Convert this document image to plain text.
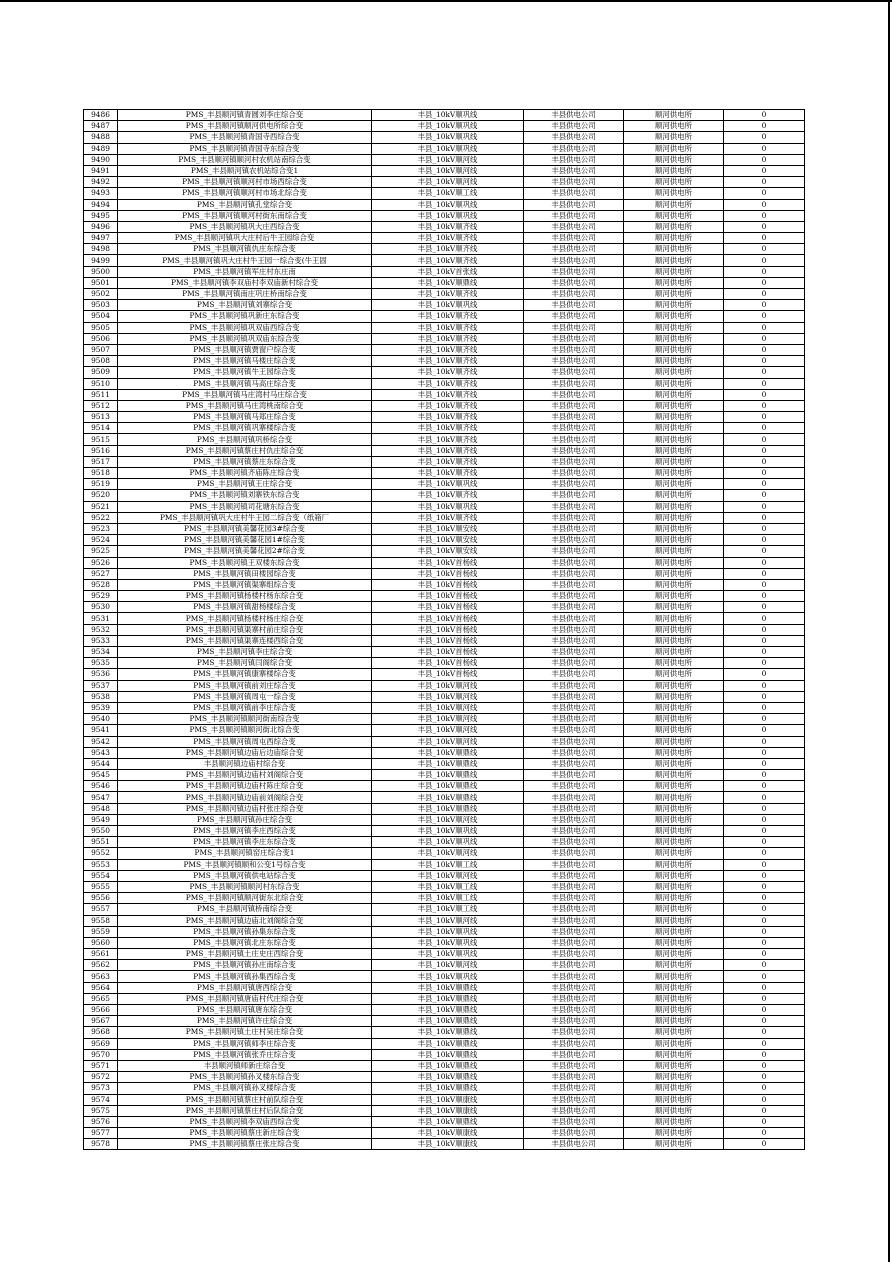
9486	PMS_丰县顺河镇青圆刘李庄综合变	丰县_10kV顺巩线	丰县供电公司	顺河供电所	0
9487	PMS_丰县顺河镇顺河供电所综合变	丰县_10kV顺巩线	丰县供电公司	顺河供电所	0
9488	PMS_丰县顺河镇青国寺西综合变	丰县_10kV顺巩线	丰县供电公司	顺河供电所	0
9489	PMS_丰县顺河镇青国寺东综合变	丰县_10kV顺巩线	丰县供电公司	顺河供电所	0
9490	PMS_丰县顺河镇顺河村农机站南综合变	丰县_10kV顺河线	丰县供电公司	顺河供电所	0
9491	PMS_丰县顺河镇农机站综合变1	丰县_10kV顺河线	丰县供电公司	顺河供电所	0
9492	PMS_丰县顺河镇顺河村市场西综合变	丰县_10kV顺河线	丰县供电公司	顺河供电所	0
9493	PMS_丰县顺河镇顺河村市场北综合变	丰县_10kV顺工线	丰县供电公司	顺河供电所	0
9494	PMS_丰县顺河镇孔堂综合变	丰县_10kV顺巩线	丰县供电公司	顺河供电所	0
9495	PMS_丰县顺河镇顺河村街东南综合变	丰县_10kV顺巩线	丰县供电公司	顺河供电所	0
9496	PMS_丰县顺河镇巩大庄西综合变	丰县_10kV顺齐线	丰县供电公司	顺河供电所	0
9497	PMS_丰县顺河镇巩大庄村后牛王园综合变	丰县_10kV顺齐线	丰县供电公司	顺河供电所	0
9498	PMS_丰县顺河镇仇庄东综合变	丰县_10kV顺齐线	丰县供电公司	顺河供电所	0
9499	PMS_丰县顺河镇巩大庄村牛王园一综合变(牛王固	丰县_10kV顺齐线	丰县供电公司	顺河供电所	0
9500	PMS_丰县顺河镇军庄村东庄南	丰县_10kV首张线	丰县供电公司	顺河供电所	0
9501	PMS_丰县顺河镇李双庙村李双庙新村综合变	丰县_10kV顺鼎线	丰县供电公司	顺河供电所	0
9502	PMS_丰县顺河镇南庄巩庄桥南综合变	丰县_10kV顺齐线	丰县供电公司	顺河供电所	0
9503	PMS_丰县顺河镇刘寨综合变	丰县_10kV顺巩线	丰县供电公司	顺河供电所	0
9504	PMS_丰县顺河镇巩新庄东综合变	丰县_10kV顺齐线	丰县供电公司	顺河供电所	0
9505	PMS_丰县顺河镇巩双庙西综合变	丰县_10kV顺齐线	丰县供电公司	顺河供电所	0
9506	PMS_丰县顺河镇巩双庙东综合变	丰县_10kV顺齐线	丰县供电公司	顺河供电所	0
9507	PMS_丰县顺河镇贾窗户综合变	丰县_10kV顺齐线	丰县供电公司	顺河供电所	0
9508	PMS_丰县顺河镇马楼庄综合变	丰县_10kV顺齐线	丰县供电公司	顺河供电所	0
9509	PMS_丰县顺河镇牛王园综合变	丰县_10kV顺齐线	丰县供电公司	顺河供电所	0
9510	PMS_丰县顺河镇马高庄综合变	丰县_10kV顺齐线	丰县供电公司	顺河供电所	0
9511	PMS_丰县顺河镇马庄湾村马庄综合变	丰县_10kV顺齐线	丰县供电公司	顺河供电所	0
9512	PMS_丰县顺河镇马庄湾桃南综合变	丰县_10kV顺齐线	丰县供电公司	顺河供电所	0
9513	PMS_丰县顺河镇马郑庄综合变	丰县_10kV顺齐线	丰县供电公司	顺河供电所	0
9514	PMS_丰县顺河镇巩寨楼综合变	丰县_10kV顺齐线	丰县供电公司	顺河供电所	0
9515	PMS_丰县顺河镇巩桥综合变	丰县_10kV顺齐线	丰县供电公司	顺河供电所	0
9516	PMS_丰县顺河镇蔡庄村仇庄综合变	丰县_10kV顺齐线	丰县供电公司	顺河供电所	0
9517	PMS_丰县顺河镇蔡庄东综合变	丰县_10kV顺齐线	丰县供电公司	顺河供电所	0
9518	PMS_丰县顺河镇齐庙陈庄综合变	丰县_10kV顺齐线	丰县供电公司	顺河供电所	0
9519	PMS_丰县顺河镇王庄综合变	丰县_10kV顺巩线	丰县供电公司	顺河供电所	0
9520	PMS_丰县顺河镇刘寨铁东综合变	丰县_10kV顺齐线	丰县供电公司	顺河供电所	0
9521	PMS_丰县顺河镇司花塘东综合变	丰县_10kV顺巩线	丰县供电公司	顺河供电所	0
9522	PMS_丰县顺河镇巩大庄村牛王园二综合变（纸箱厂	丰县_10kV顺齐线	丰县供电公司	顺河供电所	0
9523	PMS_丰县顺河镇美馨花园3#综合变	丰县_10kV顺安线	丰县供电公司	顺河供电所	0
9524	PMS_丰县顺河镇美馨花园1#综合变	丰县_10kV顺安线	丰县供电公司	顺河供电所	0
9525	PMS_丰县顺河镇美馨花园2#综合变	丰县_10kV顺安线	丰县供电公司	顺河供电所	0
9526	PMS_丰县顺河镇王双楼东综合变	丰县_10kV首杨线	丰县供电公司	顺河供电所	0
9527	PMS_丰县顺河镇田楼园综合变	丰县_10kV首杨线	丰县供电公司	顺河供电所	0
9528	PMS_丰县顺河镇渠寨组综合变	丰县_10kV首杨线	丰县供电公司	顺河供电所	0
9529	PMS_丰县顺河镇杨楼村杨东综合变	丰县_10kV首杨线	丰县供电公司	顺河供电所	0
9530	PMS_丰县顺河镇甜杨楼综合变	丰县_10kV首杨线	丰县供电公司	顺河供电所	0
9531	PMS_丰县顺河镇杨楼村杨庄综合变	丰县_10kV首杨线	丰县供电公司	顺河供电所	0
9532	PMS_丰县顺河镇渠寨村前庄综合变	丰县_10kV首杨线	丰县供电公司	顺河供电所	0
9533	PMS_丰县顺河镇渠寨连楼西综合变	丰县_10kV首杨线	丰县供电公司	顺河供电所	0
9534	PMS_丰县顺河镇李庄综合变	丰县_10kV首杨线	丰县供电公司	顺河供电所	0
9535	PMS_丰县顺河镇闫阁综合变	丰县_10kV首杨线	丰县供电公司	顺河供电所	0
9536	PMS_丰县顺河镇康寨楼综合变	丰县_10kV首杨线	丰县供电公司	顺河供电所	0
9537	PMS_丰县顺河镇前刘庄综合变	丰县_10kV顺河线	丰县供电公司	顺河供电所	0
9538	PMS_丰县顺河镇周屯一综合变	丰县_10kV顺河线	丰县供电公司	顺河供电所	0
9539	PMS_丰县顺河镇前李庄综合变	丰县_10kV顺河线	丰县供电公司	顺河供电所	0
9540	PMS_丰县顺河镇顺河街南综合变	丰县_10kV顺河线	丰县供电公司	顺河供电所	0
9541	PMS_丰县顺河镇顺河街北综合变	丰县_10kV顺河线	丰县供电公司	顺河供电所	0
9542	PMS_丰县顺河镇周屯西综合变	丰县_10kV顺河线	丰县供电公司	顺河供电所	0
9543	PMS_丰县顺河镇边庙后边庙综合变	丰县_10kV顺鼎线	丰县供电公司	顺河供电所	0
9544	丰县顺河镇边庙村综合变	丰县_10kV顺鼎线	丰县供电公司	顺河供电所	0
9545	PMS_丰县顺河镇边庙村刘阁综合变	丰县_10kV顺鼎线	丰县供电公司	顺河供电所	0
9546	PMS_丰县顺河镇边庙村陈庄综合变	丰县_10kV顺鼎线	丰县供电公司	顺河供电所	0
9547	PMS_丰县顺河镇边庙前刘阁综合变	丰县_10kV顺鼎线	丰县供电公司	顺河供电所	0
9548	PMS_丰县顺河镇边庙村张庄综合变	丰县_10kV顺鼎线	丰县供电公司	顺河供电所	0
9549	PMS_丰县顺河镇孙庄综合变	丰县_10kV顺河线	丰县供电公司	顺河供电所	0
9550	PMS_丰县顺河镇李庄西综合变	丰县_10kV顺巩线	丰县供电公司	顺河供电所	0
9551	PMS_丰县顺河镇李庄东综合变	丰县_10kV顺巩线	丰县供电公司	顺河供电所	0
9552	PMS_丰县顺河镇窑庄综合变1	丰县_10kV顺河线	丰县供电公司	顺河供电所	0
9553	PMS_丰县顺河镇顺和公变1号综合变	丰县_10kV顺工线	丰县供电公司	顺河供电所	0
9554	PMS_丰县顺河镇供电站综合变	丰县_10kV顺河线	丰县供电公司	顺河供电所	0
9555	PMS_丰县顺河镇顺河村东综合变	丰县_10kV顺工线	丰县供电公司	顺河供电所	0
9556	PMS_丰县顺河镇顺河街东北综合变	丰县_10kV顺工线	丰县供电公司	顺河供电所	0
9557	PMS_丰县顺河镇桥南综合变	丰县_10kV顺工线	丰县供电公司	顺河供电所	0
9558	PMS_丰县顺河镇边庙北刘阁综合变	丰县_10kV顺河线	丰县供电公司	顺河供电所	0
9559	PMS_丰县顺河镇孙集东综合变	丰县_10kV顺巩线	丰县供电公司	顺河供电所	0
9560	PMS_丰县顺河镇北庄东综合变	丰县_10kV顺巩线	丰县供电公司	顺河供电所	0
9561	PMS_丰县顺河镇土庄史庄西综合变	丰县_10kV顺巩线	丰县供电公司	顺河供电所	0
9562	PMS_丰县顺河镇孙庄南综合变	丰县_10kV顺河线	丰县供电公司	顺河供电所	0
9563	PMS_丰县顺河镇孙集西综合变	丰县_10kV顺巩线	丰县供电公司	顺河供电所	0
9564	PMS_丰县顺河镇唐西综合变	丰县_10kV顺鼎线	丰县供电公司	顺河供电所	0
9565	PMS_丰县顺河镇唐庙村代庄综合变	丰县_10kV顺鼎线	丰县供电公司	顺河供电所	0
9566	PMS_丰县顺河镇唐东综合变	丰县_10kV顺鼎线	丰县供电公司	顺河供电所	0
9567	PMS_丰县顺河镇许庄综合变	丰县_10kV顺鼎线	丰县供电公司	顺河供电所	0
9568	PMS_丰县顺河镇土庄村吴庄综合变	丰县_10kV顺鼎线	丰县供电公司	顺河供电所	0
9569	PMS_丰县顺河镇师李庄综合变	丰县_10kV顺鼎线	丰县供电公司	顺河供电所	0
9570	PMS_丰县顺河镇张乔庄综合变	丰县_10kV顺鼎线	丰县供电公司	顺河供电所	0
9571	丰县顺河镇师新庄综合变	丰县_10kV顺鼎线	丰县供电公司	顺河供电所	0
9572	PMS_丰县顺河镇孙叉楼东综合变	丰县_10kV顺鼎线	丰县供电公司	顺河供电所	0
9573	PMS_丰县顺河镇孙叉楼综合变	丰县_10kV顺鼎线	丰县供电公司	顺河供电所	0
9574	PMS_丰县顺河镇蔡庄村前队综合变	丰县_10kV顺康线	丰县供电公司	顺河供电所	0
9575	PMS_丰县顺河镇蔡庄村后队综合变	丰县_10kV顺康线	丰县供电公司	顺河供电所	0
9576	PMS_丰县顺河镇李双庙西综合变	丰县_10kV顺鼎线	丰县供电公司	顺河供电所	0
9577	PMS_丰县顺河镇蔡庄新庄综合变	丰县_10kV顺康线	丰县供电公司	顺河供电所	0
9578	PMS_丰县顺河镇蔡庄张庄综合变	丰县_10kV顺康线	丰县供电公司	顺河供电所	0
